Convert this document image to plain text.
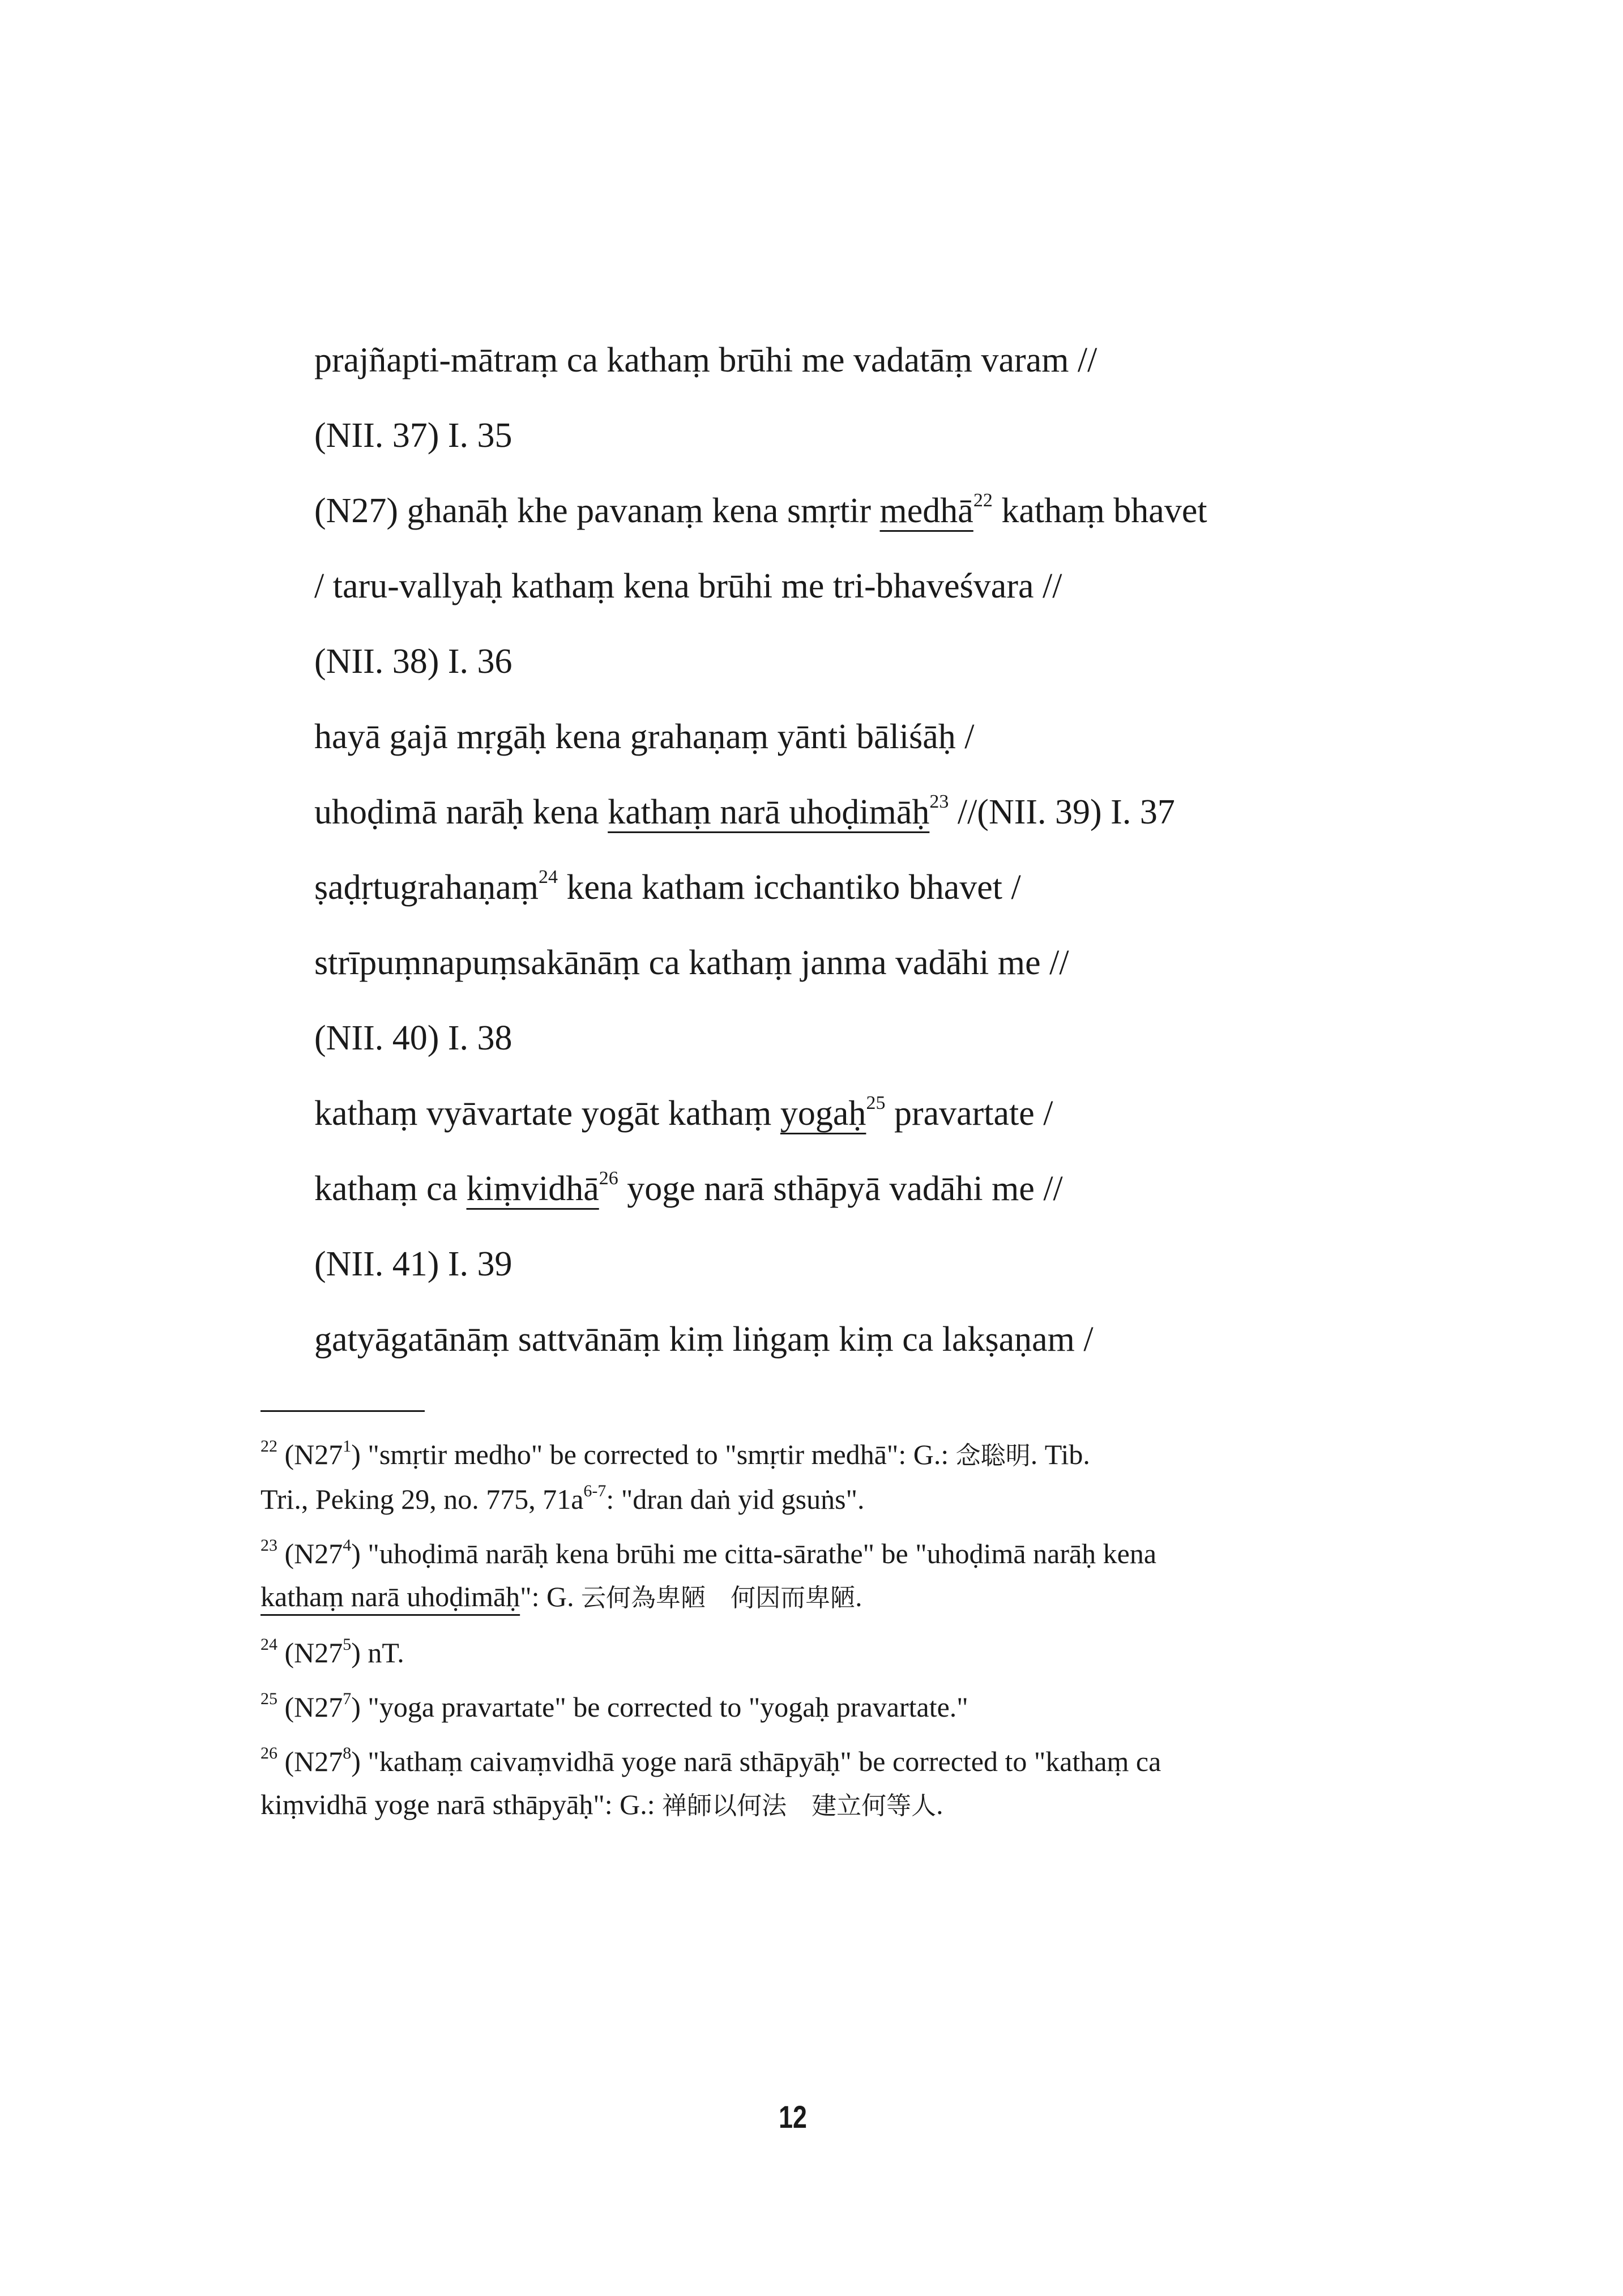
prajñapti-mātraṃ ca kathaṃ brūhi me vadatāṃ varam //
(NII. 37) I. 35
(N27) ghanāḥ khe pavanaṃ kena smṛtir medhā$^{22}$ kathaṃ bhavet
/ taru-vallyaḥ kathaṃ kena brūhi me tri-bhaveśvara //
(NII. 38) I. 36
hayā gajā mṛgāḥ kena grahaṇaṃ yānti bāliśāḥ /
uhoḍimā narāḥ kena kathaṃ narā uhoḍimāḥ$^{23}$ //(NII. 39) I. 37
ṣaḍṛtugrahaṇaṃ$^{24}$ kena katham icchantiko bhavet /
strīpuṃnapuṃsakānāṃ ca kathaṃ janma vadāhi me //
(NII. 40) I. 38
kathaṃ vyāvartate yogāt kathaṃ yogaḥ$^{25}$ pravartate /
kathaṃ ca kiṃvidhā$^{26}$ yoge narā sthāpyā vadāhi me //
(NII. 41) I. 39
gatyāgatānāṃ sattvānāṃ kiṃ liṅgaṃ kiṃ ca lakṣaṇam /
$^{22}$ $(N27^1)$ "smṛtir medho" be corrected to "smṛtir medhā": G.: 念聡明. Tib.
Tri., Peking 29, no. 775, $71a^{6-7}$: "dran daṅ yid gsuṅs".
$^{23}$ $(N27^4)$ "uhoḍimā narāḥ kena brūhi me citta-sārathe" be "uhoḍimā narāḥ kena
kathaṃ narā uhoḍimāḥ": G. 云何為卑陋　何因而卑陋.
$^{24}$ $(N27^5)$ nT.
$^{25}$ $(N27^7)$ "yoga pravartate" be corrected to "yogaḥ pravartate."
$^{26}$ $(N27^8)$ "kathaṃ caivaṃvidhā yoge narā sthāpyāḥ" be corrected to "kathaṃ ca
kiṃvidhā yoge narā sthāpyāḥ": G.: 禅師以何法　建立何等人.
12
